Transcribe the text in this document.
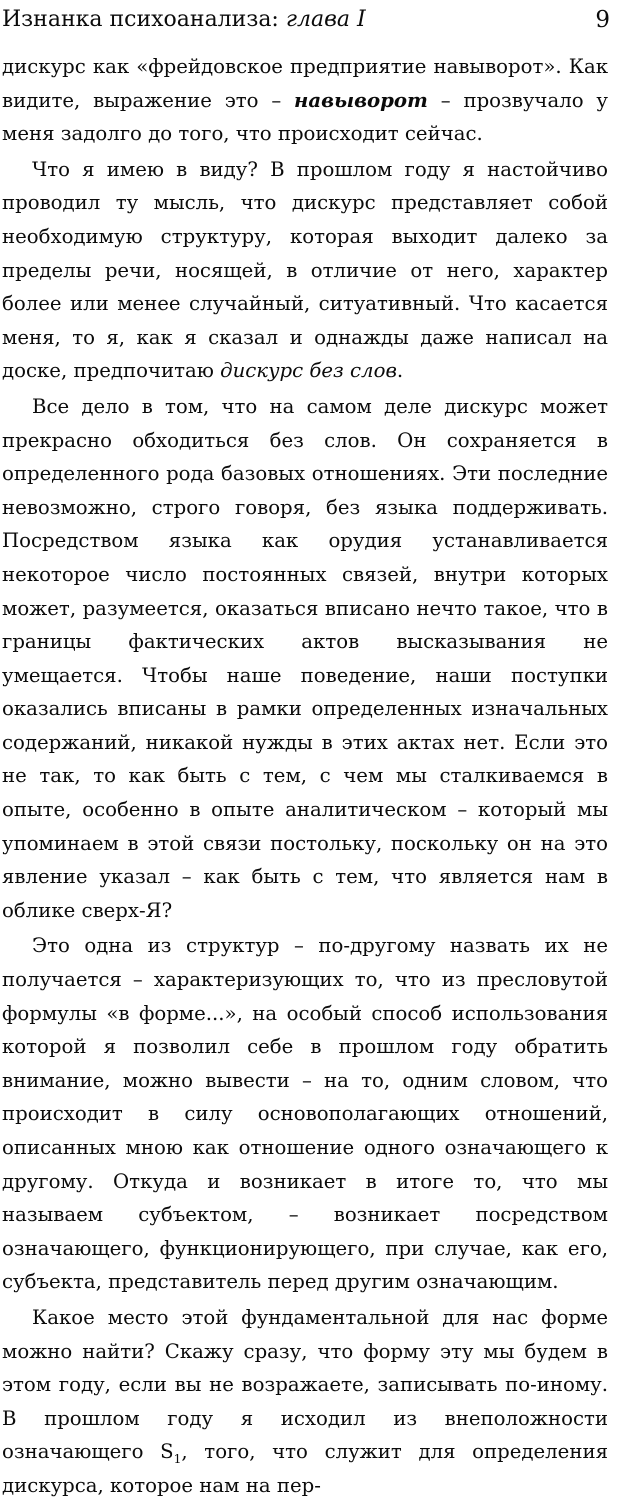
Изнанка психоанализа: глава I	9

дискурс как «фрейдовское предприятие навыворот». Как видите, выражение это – навыворот – прозвучало у меня задолго до того, что происходит сейчас.

Что я имею в виду? В прошлом году я настойчиво проводил ту мысль, что дискурс представляет собой необходимую структуру, которая выходит далеко за пределы речи, носящей, в отличие от него, характер более или менее случайный, ситуативный. Что касается меня, то я, как я сказал и однажды даже написал на доске, предпочитаю дискурс без слов.

Все дело в том, что на самом деле дискурс может прекрасно обходиться без слов. Он сохраняется в определенного рода базовых отношениях. Эти последние невозможно, строго говоря, без языка поддерживать. Посредством языка как орудия устанавливается некоторое число постоянных связей, внутри которых может, разумеется, оказаться вписано нечто такое, что в границы фактических актов высказывания не умещается. Чтобы наше поведение, наши поступки оказались вписаны в рамки определенных изначальных содержаний, никакой нужды в этих актах нет. Если это не так, то как быть с тем, с чем мы сталкиваемся в опыте, особенно в опыте аналитическом – который мы упоминаем в этой связи постольку, поскольку он на это явление указал – как быть с тем, что является нам в облике сверх-Я?

Это одна из структур – по-другому назвать их не получается – характеризующих то, что из пресловутой формулы «в форме...», на особый способ использования которой я позволил себе в прошлом году обратить внимание, можно вывести – на то, одним словом, что происходит в силу основополагающих отношений, описанных мною как отношение одного означающего к другому. Откуда и возникает в итоге то, что мы называем субъектом, – возникает посредством означающего, функционирующего, при случае, как его, субъекта, представитель перед другим означающим.

Какое место этой фундаментальной для нас форме можно найти? Скажу сразу, что форму эту мы будем в этом году, если вы не возражаете, записывать по-иному. В прошлом году я исходил из внеположности означающего $S_1$, того, что служит для определения дискурса, которое нам на пер-
